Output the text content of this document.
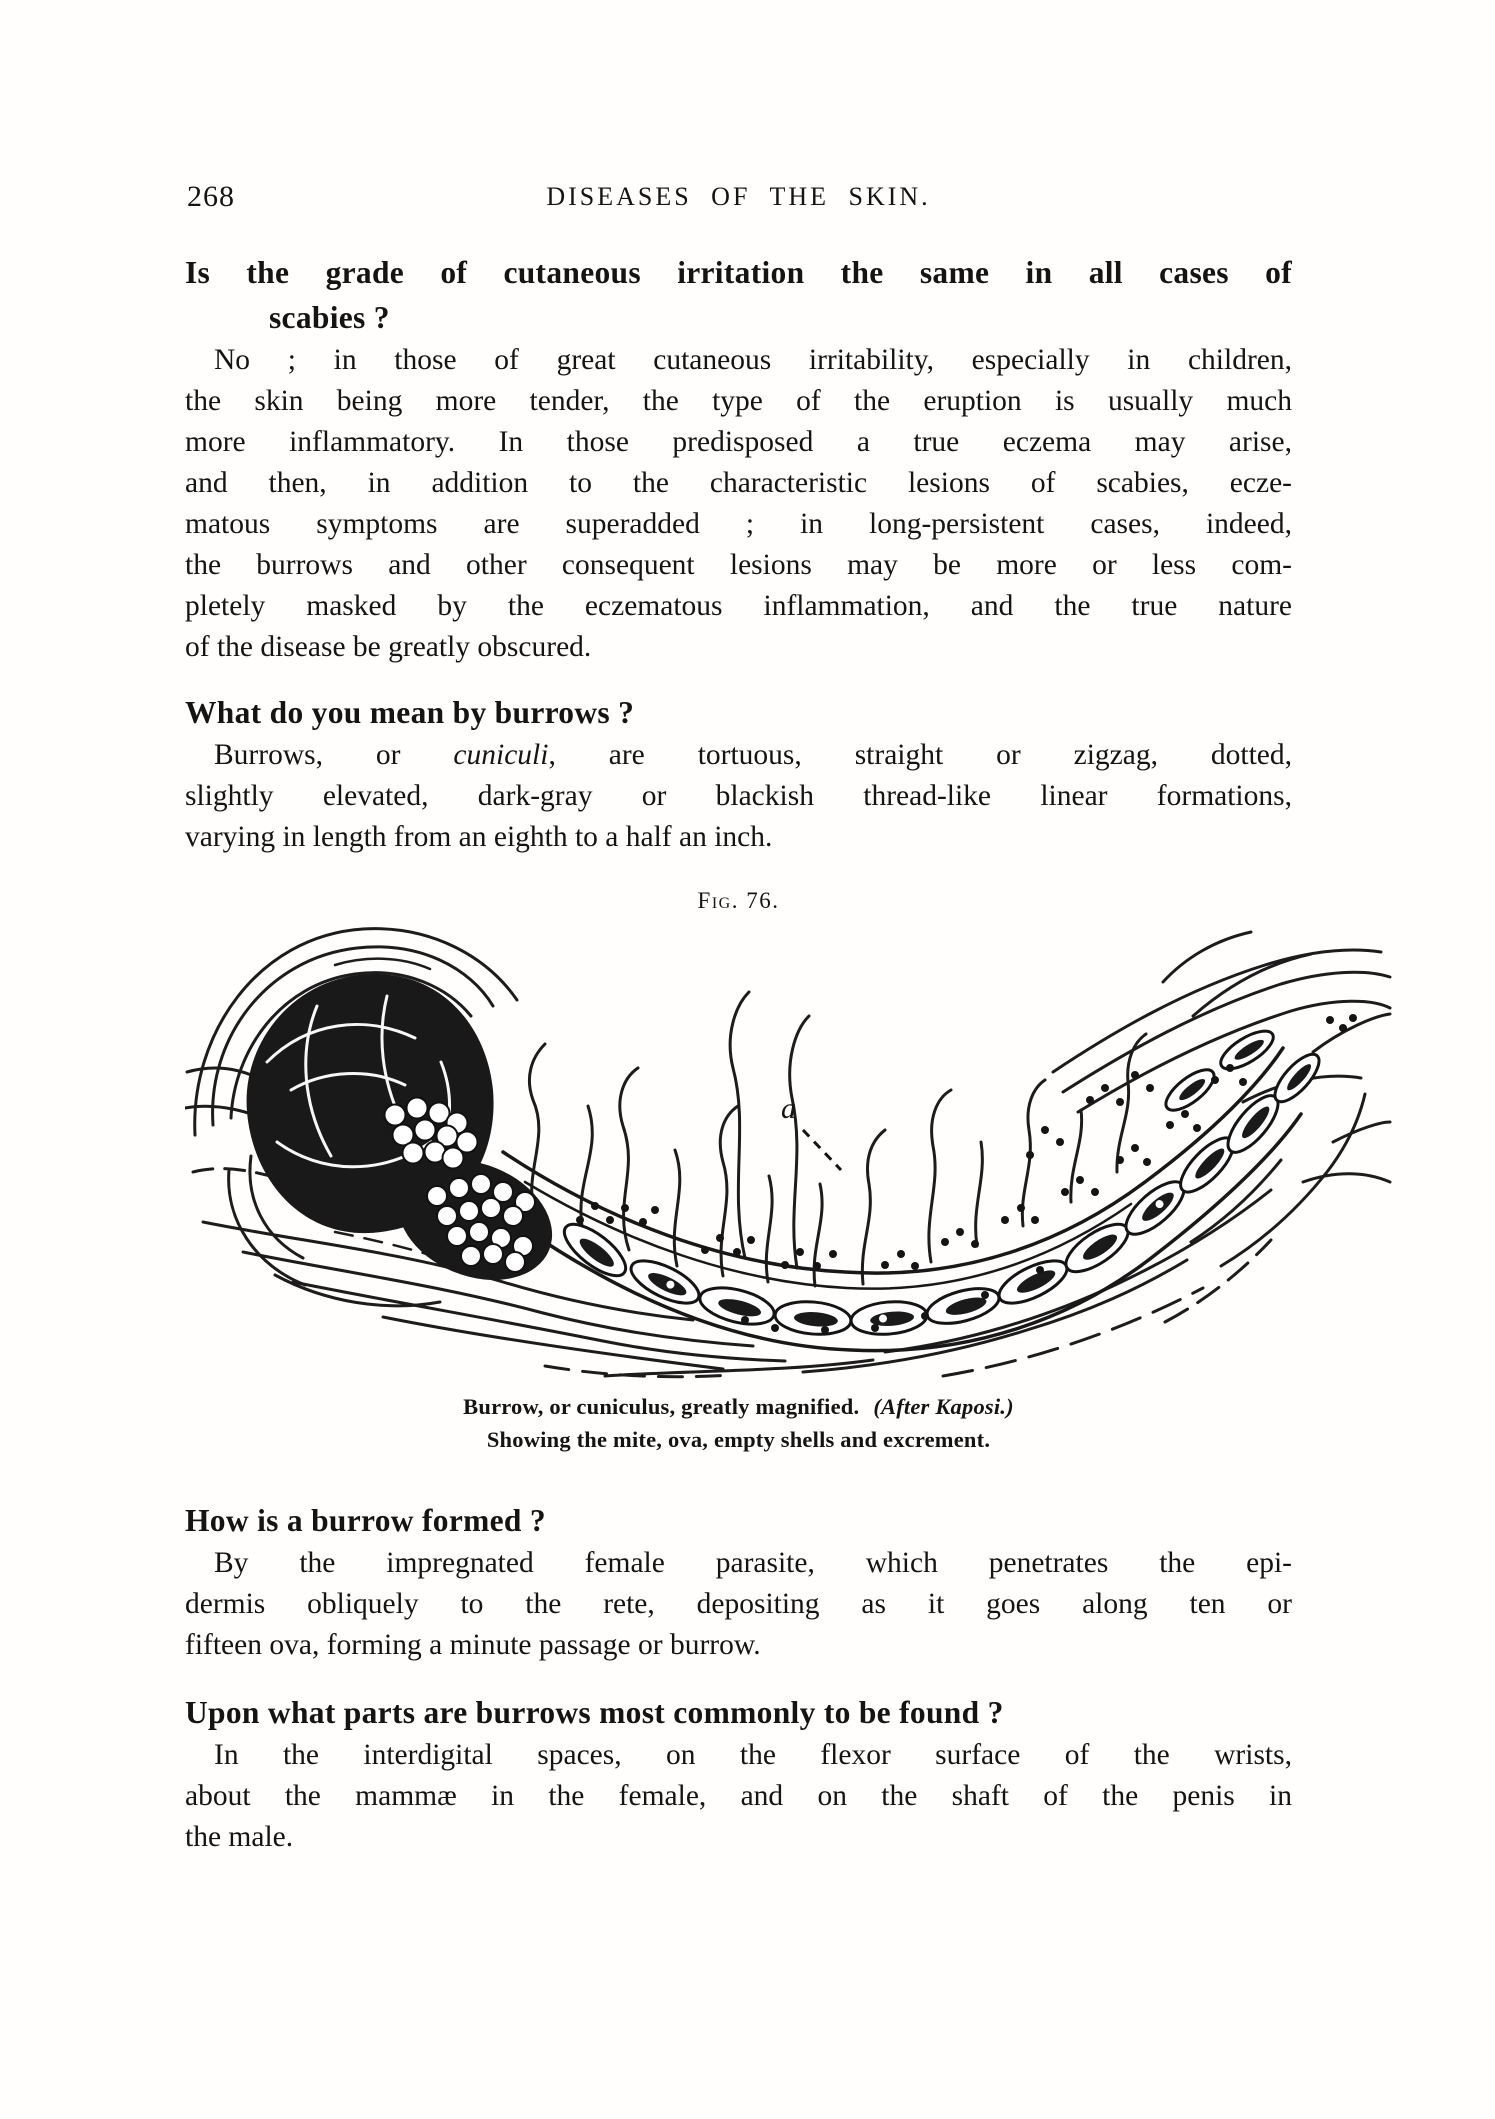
268	DISEASES OF THE SKIN.
Is the grade of cutaneous irritation the same in all cases of
scabies ?
No ; in those of great cutaneous irritability, especially in children,
the skin being more tender, the type of the eruption is usually much
more inflammatory. In those predisposed a true eczema may arise,
and then, in addition to the characteristic lesions of scabies, ecze-
matous symptoms are superadded ; in long-persistent cases, indeed,
the burrows and other consequent lesions may be more or less com-
pletely masked by the eczematous inflammation, and the true nature
of the disease be greatly obscured.
What do you mean by burrows ?
Burrows, or cuniculi, are tortuous, straight or zigzag, dotted,
slightly elevated, dark-gray or blackish thread-like linear formations,
varying in length from an eighth to a half an inch.
Fig. 76.
a
Burrow, or cuniculus, greatly magnified. (After Kaposi.)
Showing the mite, ova, empty shells and excrement.
How is a burrow formed ?
By the impregnated female parasite, which penetrates the epi-
dermis obliquely to the rete, depositing as it goes along ten or
fifteen ova, forming a minute passage or burrow.
Upon what parts are burrows most commonly to be found ?
In the interdigital spaces, on the flexor surface of the wrists,
about the mammæ in the female, and on the shaft of the penis in
the male.
